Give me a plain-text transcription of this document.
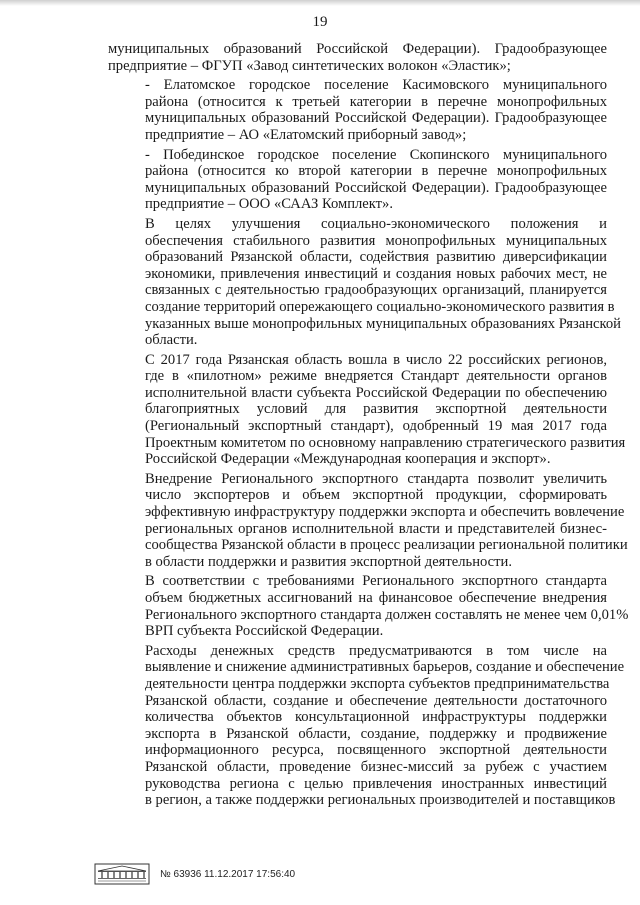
19
муниципальных образований Российской Федерации). Градообразующее
предприятие – ФГУП «Завод синтетических волокон «Эластик»;
- Елатомское городское поселение Касимовского муниципального
района (относится к третьей категории в перечне монопрофильных
муниципальных образований Российской Федерации). Градообразующее
предприятие – АО «Елатомский приборный завод»;
- Побединское городское поселение Скопинского муниципального
района (относится ко второй категории в перечне монопрофильных
муниципальных образований Российской Федерации). Градообразующее
предприятие – ООО «СААЗ Комплект».
В целях улучшения социально-экономического положения и
обеспечения стабильного развития монопрофильных муниципальных
образований Рязанской области, содействия развитию диверсификации
экономики, привлечения инвестиций и создания новых рабочих мест, не
связанных с деятельностью градообразующих организаций, планируется
создание территорий опережающего социально-экономического развития в
указанных выше монопрофильных муниципальных образованиях Рязанской
области.
С 2017 года Рязанская область вошла в число 22 российских регионов,
где в «пилотном» режиме внедряется Стандарт деятельности органов
исполнительной власти субъекта Российской Федерации по обеспечению
благоприятных условий для развития экспортной деятельности
(Региональный экспортный стандарт), одобренный 19 мая 2017 года
Проектным комитетом по основному направлению стратегического развития
Российской Федерации «Международная кооперация и экспорт».
Внедрение Регионального экспортного стандарта позволит увеличить
число экспортеров и объем экспортной продукции, сформировать
эффективную инфраструктуру поддержки экспорта и обеспечить вовлечение
региональных органов исполнительной власти и представителей бизнес-
сообщества Рязанской области в процесс реализации региональной политики
в области поддержки и развития экспортной деятельности.
В соответствии с требованиями Регионального экспортного стандарта
объем бюджетных ассигнований на финансовое обеспечение внедрения
Регионального экспортного стандарта должен составлять не менее чем 0,01%
ВРП субъекта Российской Федерации.
Расходы денежных средств предусматриваются в том числе на
выявление и снижение административных барьеров, создание и обеспечение
деятельности центра поддержки экспорта субъектов предпринимательства
Рязанской области, создание и обеспечение деятельности достаточного
количества объектов консультационной инфраструктуры поддержки
экспорта в Рязанской области, создание, поддержку и продвижение
информационного ресурса, посвященного экспортной деятельности
Рязанской области, проведение бизнес-миссий за рубеж с участием
руководства региона с целью привлечения иностранных инвестиций
в регион, а также поддержки региональных производителей и поставщиков
№ 63936 11.12.2017 17:56:40
